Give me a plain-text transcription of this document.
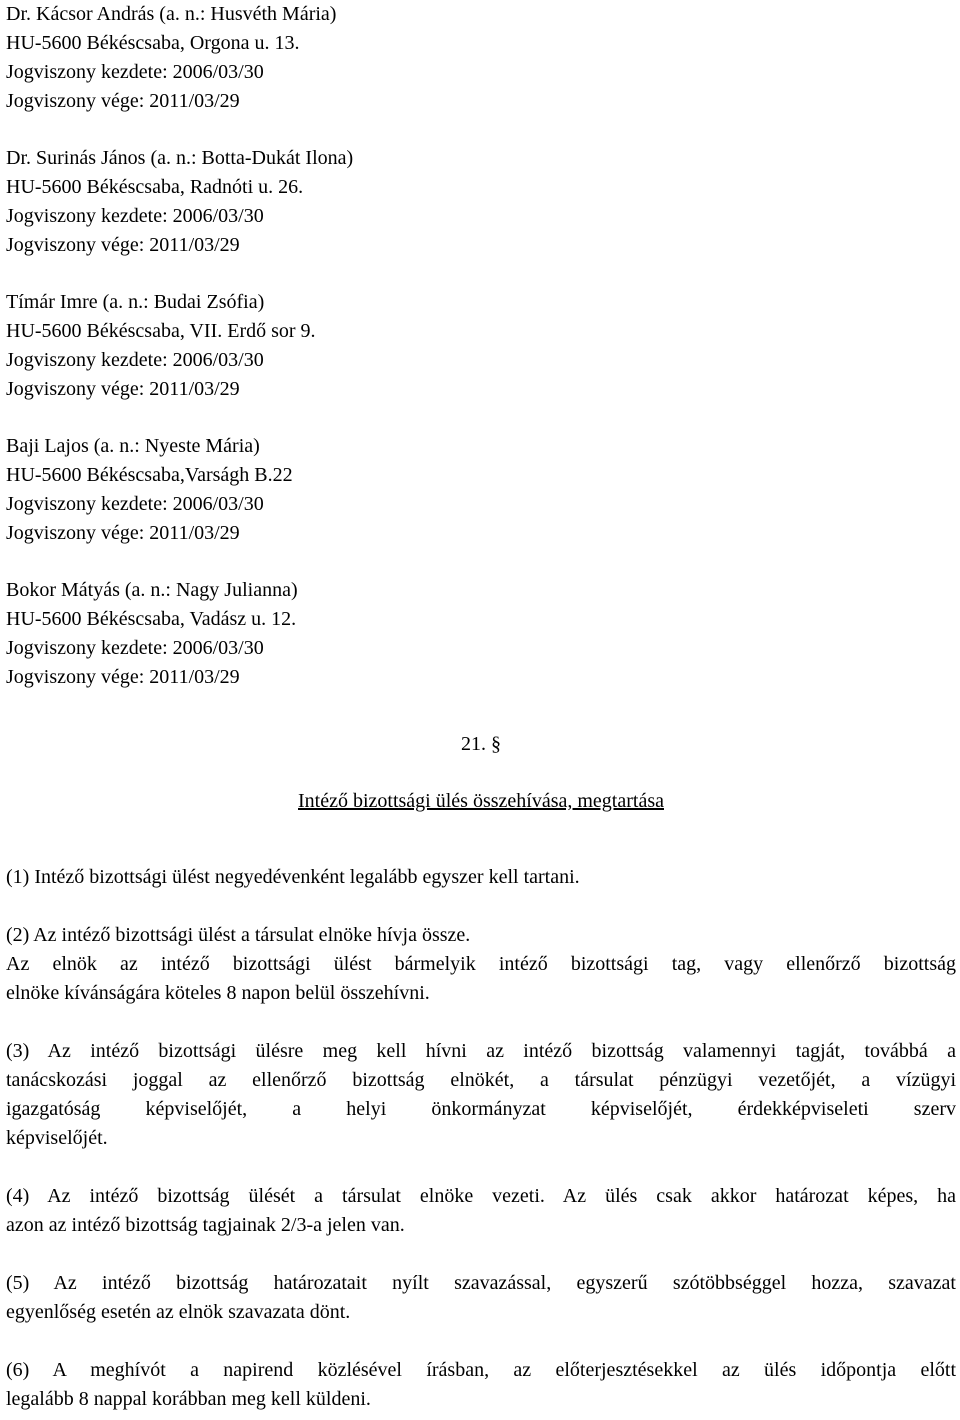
Dr. Kácsor András (a. n.: Husvéth Mária)
HU-5600 Békéscsaba, Orgona u. 13.
Jogviszony kezdete: 2006/03/30
Jogviszony vége: 2011/03/29
Dr. Surinás János (a. n.: Botta-Dukát Ilona)
HU-5600 Békéscsaba, Radnóti u. 26.
Jogviszony kezdete: 2006/03/30
Jogviszony vége: 2011/03/29
Tímár Imre (a. n.: Budai Zsófia)
HU-5600 Békéscsaba, VII. Erdő sor 9.
Jogviszony kezdete: 2006/03/30
Jogviszony vége: 2011/03/29
Baji Lajos (a. n.: Nyeste Mária)
HU-5600 Békéscsaba,Varságh B.22
Jogviszony kezdete: 2006/03/30
Jogviszony vége: 2011/03/29
Bokor Mátyás (a. n.: Nagy Julianna)
HU-5600 Békéscsaba, Vadász u. 12.
Jogviszony kezdete: 2006/03/30
Jogviszony vége: 2011/03/29
21. §
Intéző bizottsági ülés összehívása, megtartása
(1) Intéző bizottsági ülést negyedévenként legalább egyszer kell tartani.
(2) Az intéző bizottsági ülést a társulat elnöke hívja össze.
Az elnök az intéző bizottsági ülést bármelyik intéző bizottsági tag, vagy ellenőrző bizottság
elnöke kívánságára köteles 8 napon belül összehívni.
(3) Az intéző bizottsági ülésre meg kell hívni az intéző bizottság valamennyi tagját, továbbá a
tanácskozási joggal az ellenőrző bizottság elnökét, a társulat pénzügyi vezetőjét, a vízügyi
igazgatóság képviselőjét, a helyi önkormányzat képviselőjét, érdekképviseleti szerv
képviselőjét.
(4) Az intéző bizottság ülését a társulat elnöke vezeti. Az ülés csak akkor határozat képes, ha
azon az intéző bizottság tagjainak 2/3-a jelen van.
(5) Az intéző bizottság határozatait nyílt szavazással, egyszerű szótöbbséggel hozza, szavazat
egyenlőség esetén az elnök szavazata dönt.
(6) A meghívót a napirend közlésével írásban, az előterjesztésekkel az ülés időpontja előtt
legalább 8 nappal korábban meg kell küldeni.
